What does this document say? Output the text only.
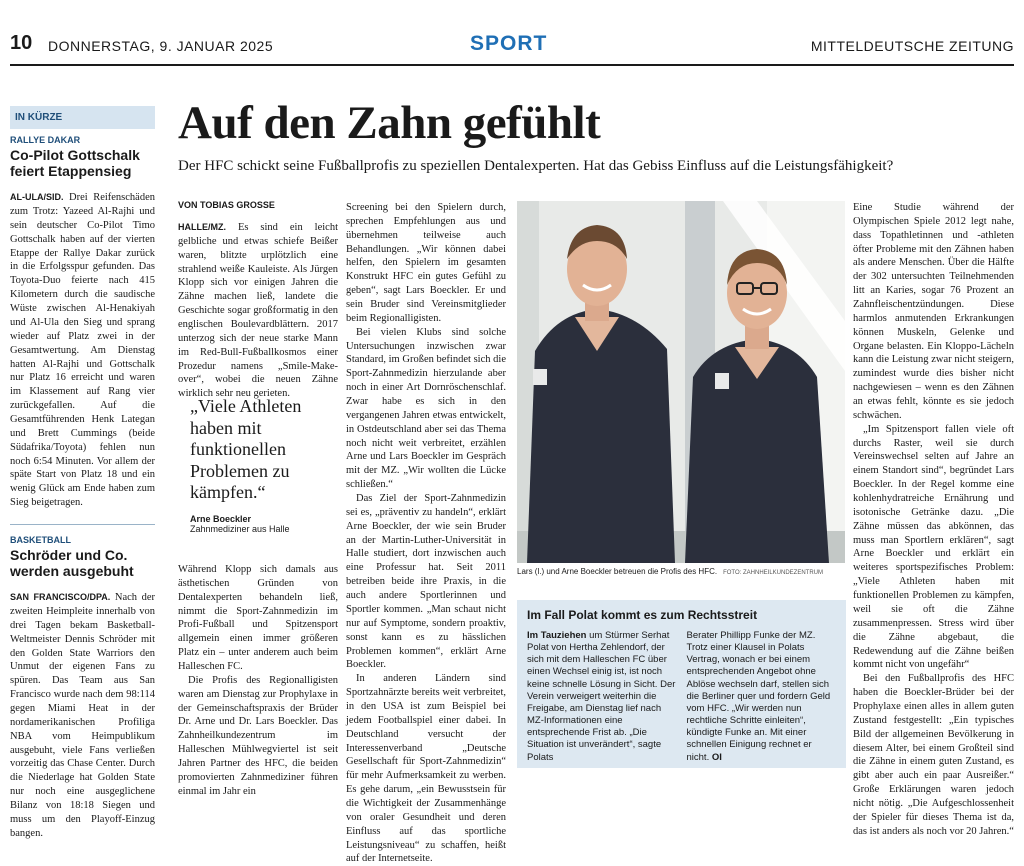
10 DONNERSTAG, 9. JANUAR 2025	SPORT	MITTELDEUTSCHE ZEITUNG
IN KÜRZE
RALLYE DAKAR
Co-Pilot Gottschalk feiert Etappensieg
AL-ULA/SID. Drei Reifenschäden zum Trotz: Yazeed Al-Rajhi und sein deutscher Co-Pilot Timo Gottschalk haben auf der vierten Etappe der Rallye Dakar zurück in die Erfolgsspur gefunden. Das Toyota-Duo feierte nach 415 Kilometern durch die saudische Wüste zwischen Al-Henakiyah und Al-Ula den Sieg und sprang wieder auf Platz zwei in der Gesamtwertung. Am Dienstag hatten Al-Rajhi und Gottschalk nur Platz 16 erreicht und waren im Klassement auf Rang vier zurückgefallen. Auf die Gesamtführenden Henk Lategan und Brett Cummings (beide Südafrika/Toyota) fehlen nun noch 6:54 Minuten. Vor allem der späte Start von Platz 18 und ein wenig Glück am Ende haben zum Sieg beigetragen.
BASKETBALL
Schröder und Co. werden ausgebuht
SAN FRANCISCO/DPA. Nach der zweiten Heimpleite innerhalb von drei Tagen bekam Basketball-Weltmeister Dennis Schröder mit den Golden State Warriors den Unmut der eigenen Fans zu spüren. Das Team aus San Francisco wurde nach dem 98:114 gegen Miami Heat in der nordamerikanischen Profiliga NBA vom Heimpublikum ausgebuht, viele Fans verließen vorzeitig das Chase Center. Durch die Niederlage hat Golden State nur noch eine ausgeglichene Bilanz von 18:18 Siegen und muss um den Playoff-Einzug bangen.
Auf den Zahn gefühlt
Der HFC schickt seine Fußballprofis zu speziellen Dentalexperten. Hat das Gebiss Einfluss auf die Leistungsfähigkeit?
VON TOBIAS GROSSE

HALLE/MZ. Es sind ein leicht gelbliche und etwas schiefe Beißer waren, blitzte urplötzlich eine strahlend weiße Kauleiste. Als Jürgen Klopp sich vor einigen Jahren die Zähne machen ließ, landete die Geschichte sogar großformatig in den englischen Boulevardblättern. 2017 unterzog sich der neue starke Mann im Red-Bull-Fußballkosmos einer Prozedur namens „Smile-Make-over“, wobei die neuen Zähne wirklich sehr neu gerieten.

„Viele Athleten haben mit funktionellen Problemen zu kämpfen.“
Arne Boeckler
Zahnmediziner aus Halle

Während Klopp sich damals aus ästhetischen Gründen von Dentalexperten behandeln ließ, nimmt die Sport-Zahnmedizin im Profi-Fußball und Spitzensport allgemein einen immer größeren Platz ein – unter anderem auch beim Halleschen FC.

Die Profis des Regionalligisten waren am Dienstag zur Prophylaxe in der Gemeinschaftspraxis der Brüder Dr. Arne und Dr. Lars Boeckler. Das Zahnheilkundezentrum im Halleschen Mühlwegviertel ist seit Jahren Partner des HFC, die beiden promovierten Zahnmediziner führen einmal im Jahr ein

Screening bei den Spielern durch, sprechen Empfehlungen aus und übernehmen teilweise auch Behandlungen. „Wir können dabei helfen, den Spielern im gesamten Konstrukt HFC ein gutes Gefühl zu geben“, sagt Lars Boeckler. Er und sein Bruder sind Vereinsmitglieder beim Regionalligisten.

Bei vielen Klubs sind solche Untersuchungen inzwischen zwar Standard, im Großen befindet sich die Sport-Zahnmedizin hierzulande aber noch in einer Art Dornröschenschlaf. Zwar habe es sich in den vergangenen Jahren etwas entwickelt, in Ostdeutschland aber sei das Thema noch nicht weit verbreitet, erzählen Arne und Lars Boeckler im Gespräch mit der MZ. „Wir wollten die Lücke schließen.“

Das Ziel der Sport-Zahnmedizin sei es, „präventiv zu handeln“, erklärt Arne Boeckler, der wie sein Bruder an der Martin-Luther-Universität in Halle studiert, dort inzwischen auch eine Professur hat. Seit 2011 betreiben beide ihre Praxis, in die auch andere Sportlerinnen und Sportler kommen. „Man schaut nicht nur auf Symptome, sondern proaktiv, sonst kann es zu hässlichen Problemen kommen“, erklärt Arne Boeckler.

In anderen Ländern sind Sportzahnärzte bereits weit verbreitet, in den USA ist zum Beispiel bei jedem Footballspiel einer dabei. In Deutschland versucht der Interessenverband „Deutsche Gesellschaft für Sport-Zahnmedizin“ für mehr Aufmerksamkeit zu werben. Es gehe darum, „ein Bewusstsein für die Wichtigkeit der Zusammenhänge von oraler Gesundheit und deren Einfluss auf das sportliche Leistungsniveau“ zu schaffen, heißt auf der Internetseite.

Lars (l.) und Arne Boeckler betreuen die Profis des HFC. FOTO: ZAHNHEILKUNDEZENTRUM
Im Fall Polat kommt es zum Rechtsstreit
Im Tauziehen um Stürmer Serhat Polat von Hertha Zehlendorf, der sich mit dem Halleschen FC über einen Wechsel einig ist, ist noch keine schnelle Lösung in Sicht. Der Verein verweigert weiterhin die Freigabe, am Dienstag lief nach MZ-Informationen eine entsprechende Frist ab. „Die Situation ist unverändert“, sagte Polats
Berater Phillipp Funke der MZ. Trotz einer Klausel in Polats Vertrag, wonach er bei einem entsprechenden Angebot ohne Ablöse wechseln darf, stellen sich die Berliner quer und fordern Geld vom HFC. „Wir werden nun rechtliche Schritte einleiten“, kündigte Funke an. Mit einer schnellen Einigung rechnet er nicht. OI

Eine Studie während der Olympischen Spiele 2012 legt nahe, dass Topathletinnen und -athleten öfter Probleme mit den Zähnen haben als andere Menschen. Über die Hälfte der 302 untersuchten Teilnehmenden litt an Karies, sogar 76 Prozent an Zahnfleischentzündungen. Diese harmlos anmutenden Erkrankungen können Muskeln, Gelenke und Organe belasten. Ein Kloppo-Lächeln kann die Leistung zwar nicht steigern, zumindest wurde dies bisher nicht nachgewiesen – wenn es den Zähnen an etwas fehlt, könnte es sie jedoch schwächen.

„Im Spitzensport fallen viele oft durchs Raster, weil sie durch Vereinswechsel selten auf Jahre an einem Standort sind“, begründet Lars Boeckler. In der Regel komme eine kohlenhydratreiche Ernährung und isotonische Getränke dazu. „Die Zähne müssen das abkönnen, das muss man Sportlern erklären“, sagt Arne Boeckler und erklärt ein weiteres sportspezifisches Problem: „Viele Athleten haben mit funktionellen Problemen zu kämpfen, weil sie oft die Zähne zusammenpressen. Stress wird über die Zähne abgebaut, die Redewendung auf die Zähne beißen kommt nicht von ungefähr“

Bei den Fußballprofis des HFC haben die Boeckler-Brüder bei der Prophylaxe einen alles in allem guten Zustand festgestellt: „Ein typisches Bild der allgemeinen Bevölkerung in diesem Alter, bei einem Großteil sind die Zähne in einem guten Zustand, es gibt aber auch ein paar Ausreißer.“ Große Erklärungen waren jedoch nicht nötig. „Die Aufgeschlossenheit der Spieler für dieses Thema ist da, das ist anders als noch vor 20 Jahren.“
